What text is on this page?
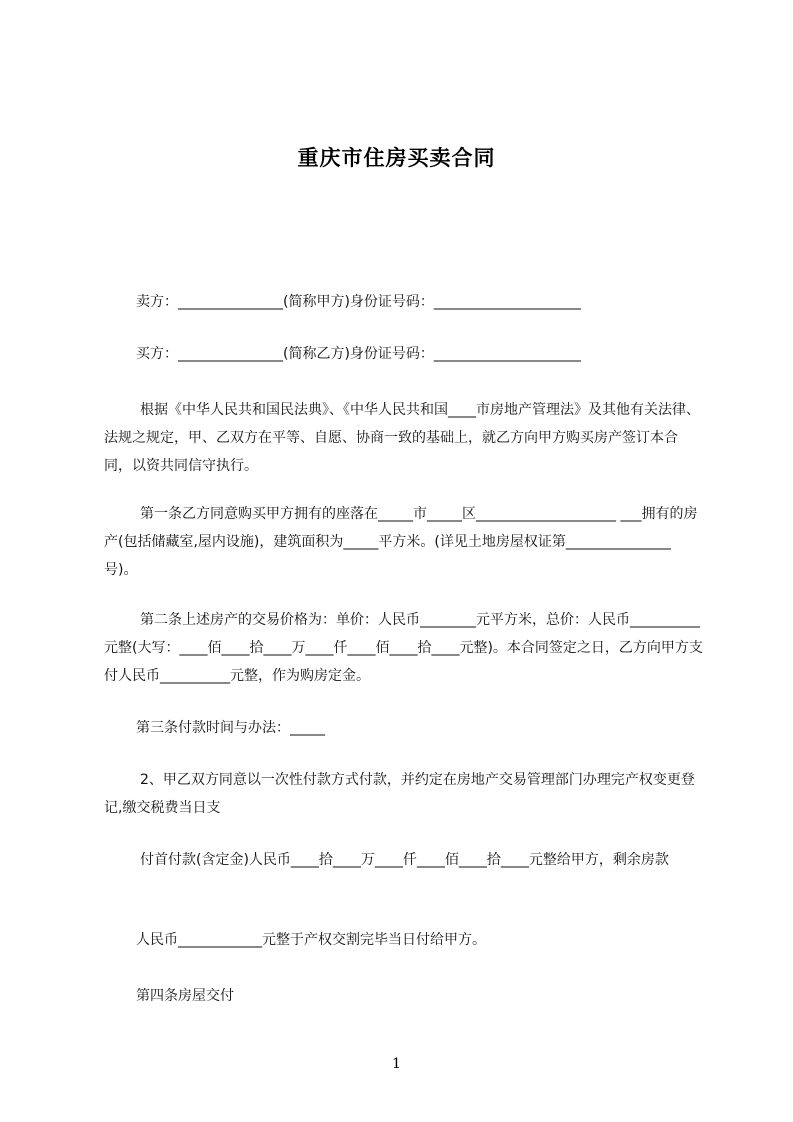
重庆市住房买卖合同
卖方：_______________(简称甲方)身份证号码：_____________________
买方：_______________(简称乙方)身份证号码：_____________________
根据《中华人民共和国民法典》、《中华人民共和国____市房地产管理法》及其他有关法律、法规之规定，甲、乙双方在平等、自愿、协商一致的基础上，就乙方向甲方购买房产签订本合同，以资共同信守执行。
第一条乙方同意购买甲方拥有的座落在_____市_____区____________________ ___拥有的房产(包括储藏室,屋内设施)，建筑面积为_____平方米。(详见土地房屋权证第_______________号)。
第二条上述房产的交易价格为：单价：人民币________元平方米，总价：人民币__________元整(大写：____佰____拾____万____仟____佰____拾____元整)。本合同签定之日，乙方向甲方支付人民币__________元整，作为购房定金。
第三条付款时间与办法：_____
2、甲乙双方同意以一次性付款方式付款，并约定在房地产交易管理部门办理完产权变更登记,缴交税费当日支
付首付款(含定金)人民币____拾____万____仟____佰____拾____元整给甲方，剩余房款
人民币____________元整于产权交割完毕当日付给甲方。
第四条房屋交付
1
